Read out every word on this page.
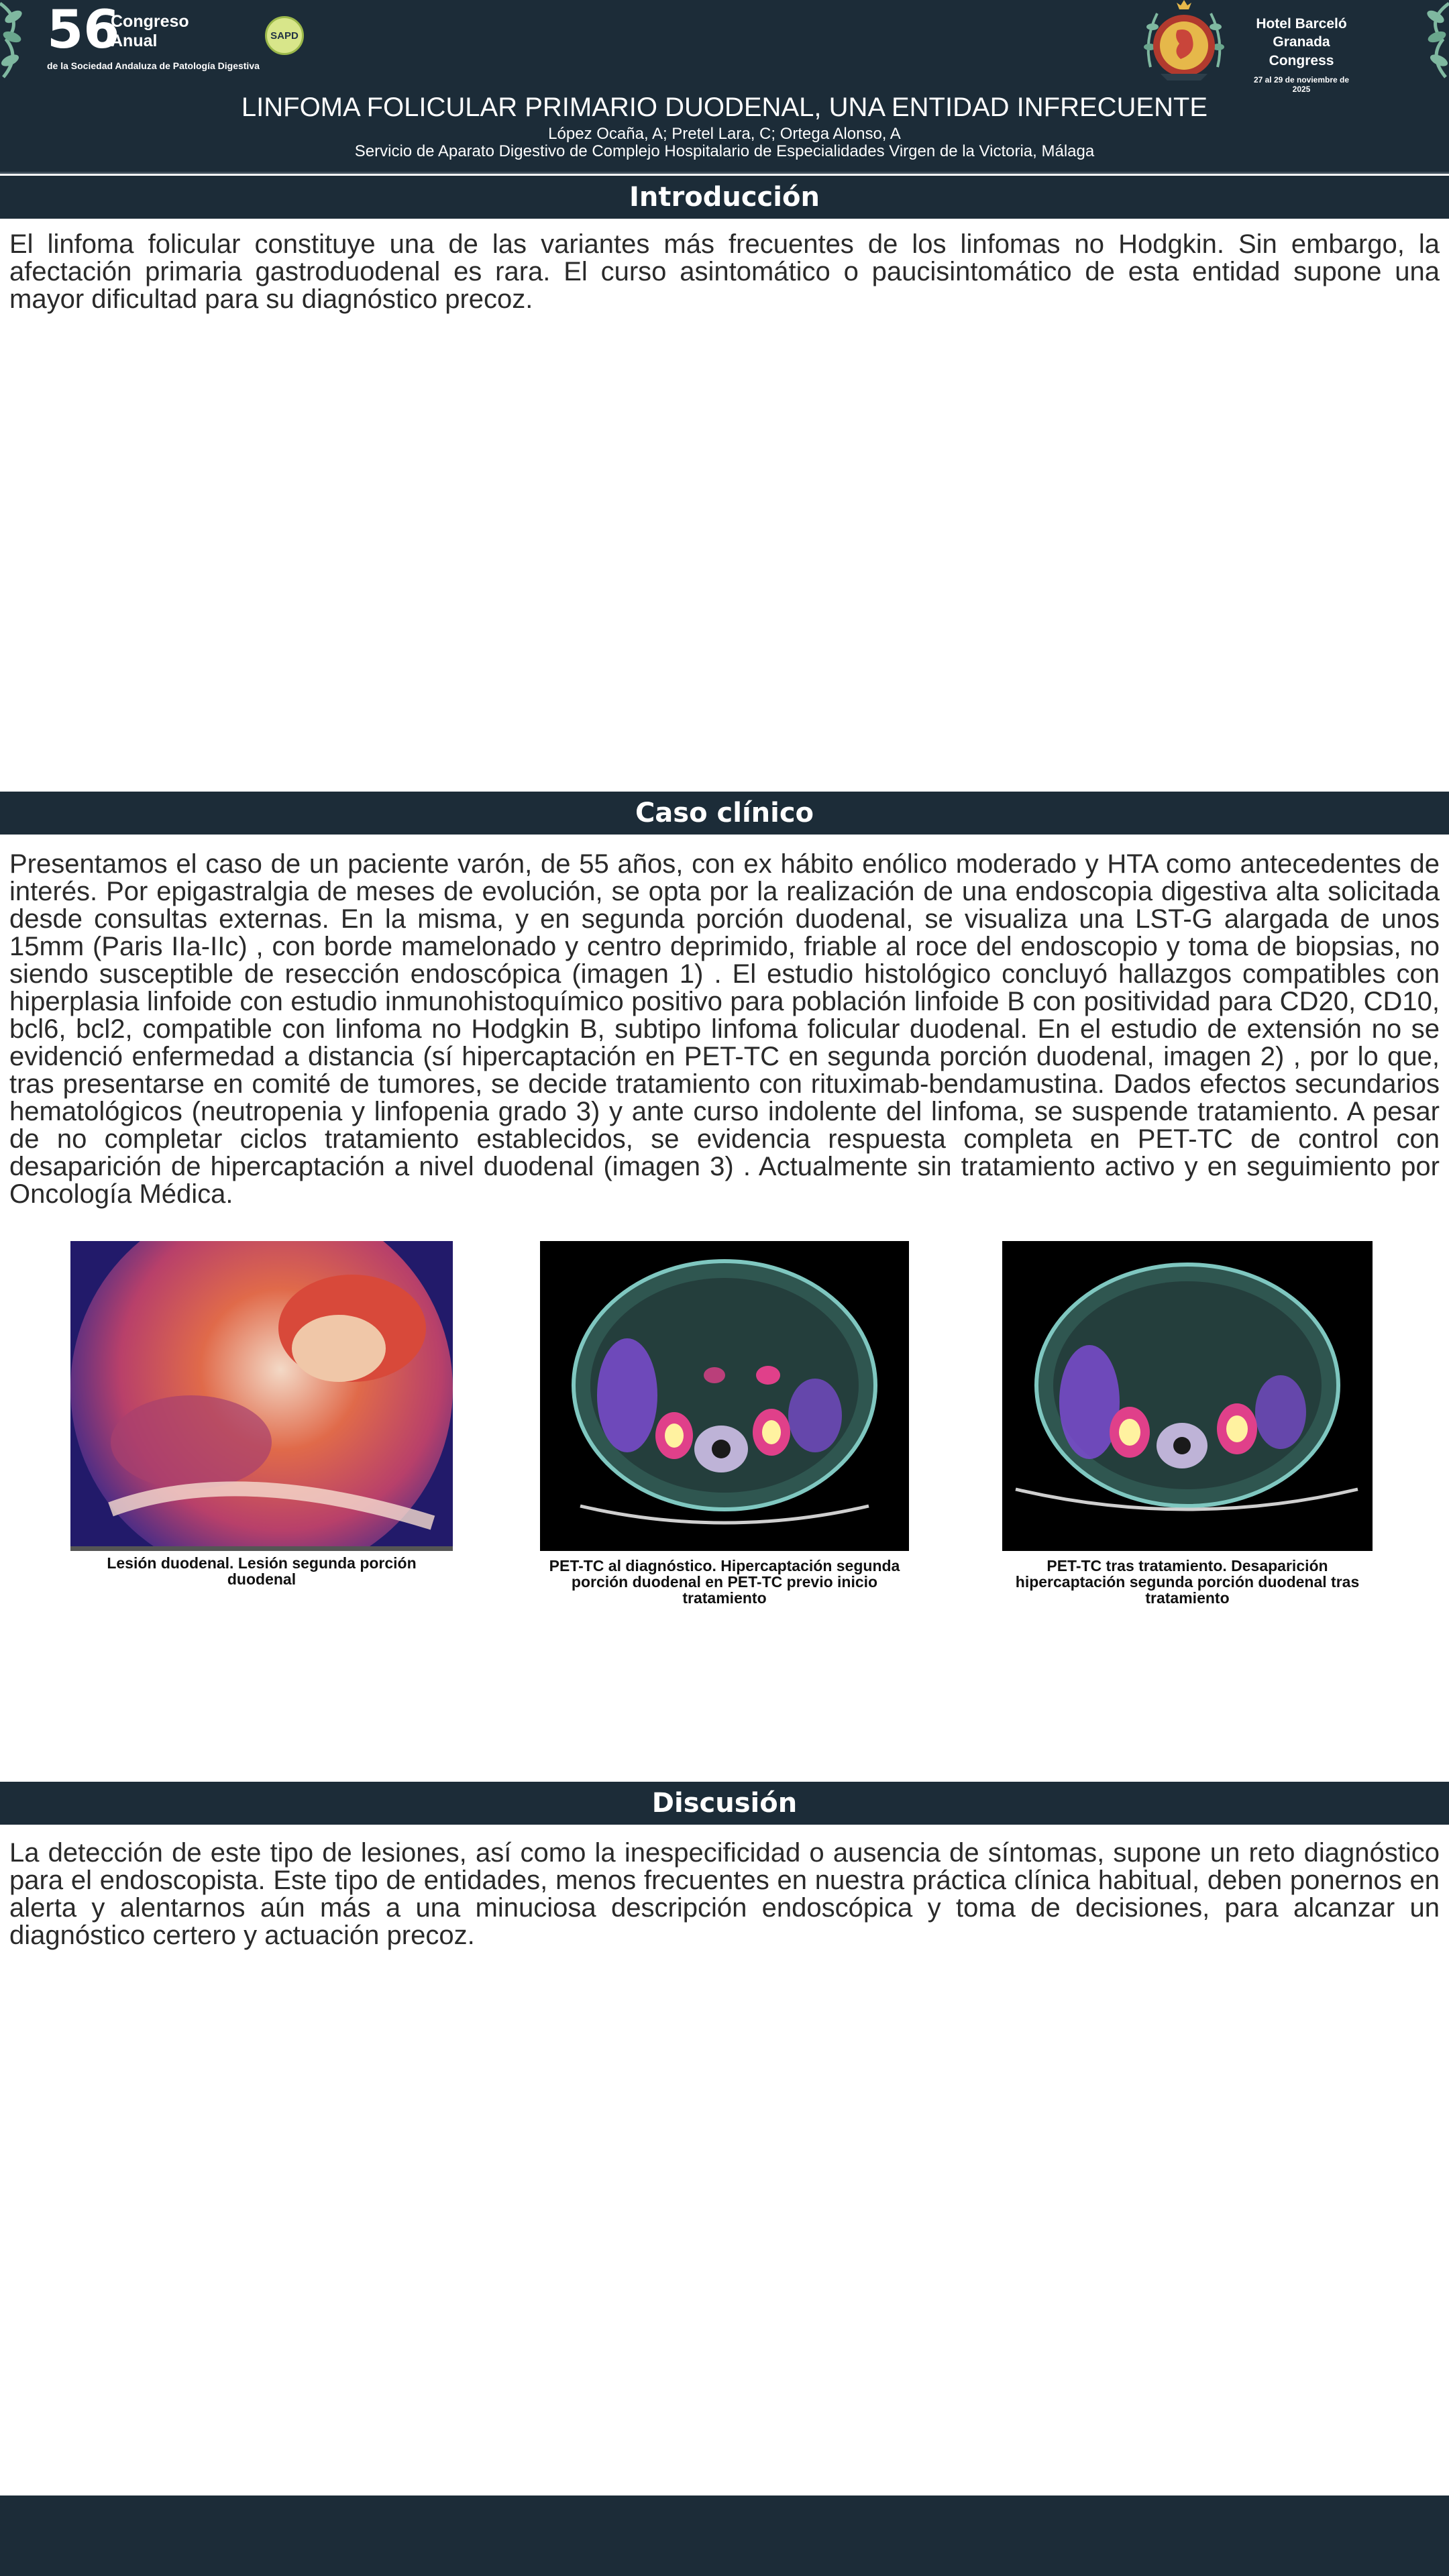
56
Congreso Anual
de la Sociedad Andaluza de Patología Digestiva
SAPD
Hotel Barceló Granada Congress
27 al 29 de noviembre de 2025
LINFOMA FOLICULAR PRIMARIO DUODENAL, UNA ENTIDAD INFRECUENTE
López Ocaña, A; Pretel Lara, C; Ortega Alonso, A
Servicio de Aparato Digestivo de Complejo Hospitalario de Especialidades Virgen de la Victoria, Málaga
Introducción

El linfoma folicular constituye una de las variantes más frecuentes de los linfomas no Hodgkin. Sin embargo, la afectación primaria gastroduodenal es rara. El curso asintomático o paucisintomático de esta entidad supone una mayor dificultad para su diagnóstico precoz.

Caso clínico

Presentamos el caso de un paciente varón, de 55 años, con ex hábito enólico moderado y HTA como antecedentes de interés. Por epigastralgia de meses de evolución, se opta por la realización de una endoscopia digestiva alta solicitada desde consultas externas. En la misma, y en segunda porción duodenal, se visualiza una LST-G alargada de unos 15mm (Paris IIa-IIc) , con borde mamelonado y centro deprimido, friable al roce del endoscopio y toma de biopsias, no siendo susceptible de resección endoscópica (imagen 1) . El estudio histológico concluyó hallazgos compatibles con hiperplasia linfoide con estudio inmunohistoquímico positivo para población linfoide B con positividad para CD20, CD10, bcl6, bcl2, compatible con linfoma no Hodgkin B, subtipo linfoma folicular duodenal. En el estudio de extensión no se evidenció enfermedad a distancia (sí hipercaptación en PET-TC en segunda porción duodenal, imagen 2) , por lo que, tras presentarse en comité de tumores, se decide tratamiento con rituximab-bendamustina. Dados efectos secundarios hematológicos (neutropenia y linfopenia grado 3) y ante curso indolente del linfoma, se suspende tratamiento. A pesar de no completar ciclos tratamiento establecidos, se evidencia respuesta completa en PET-TC de control con desaparición de hipercaptación a nivel duodenal (imagen 3) . Actualmente sin tratamiento activo y en seguimiento por Oncología Médica.

Lesión duodenal. Lesión segunda porción duodenal
PET-TC al diagnóstico. Hipercaptación segunda porción duodenal en PET-TC previo inicio tratamiento
PET-TC tras tratamiento. Desaparición hipercaptación segunda porción duodenal tras tratamiento
Discusión

La detección de este tipo de lesiones, así como la inespecificidad o ausencia de síntomas, supone un reto diagnóstico para el endoscopista. Este tipo de entidades, menos frecuentes en nuestra práctica clínica habitual, deben ponernos en alerta y alentarnos aún más a una minuciosa descripción endoscópica y toma de decisiones, para alcanzar un diagnóstico certero y actuación precoz.
